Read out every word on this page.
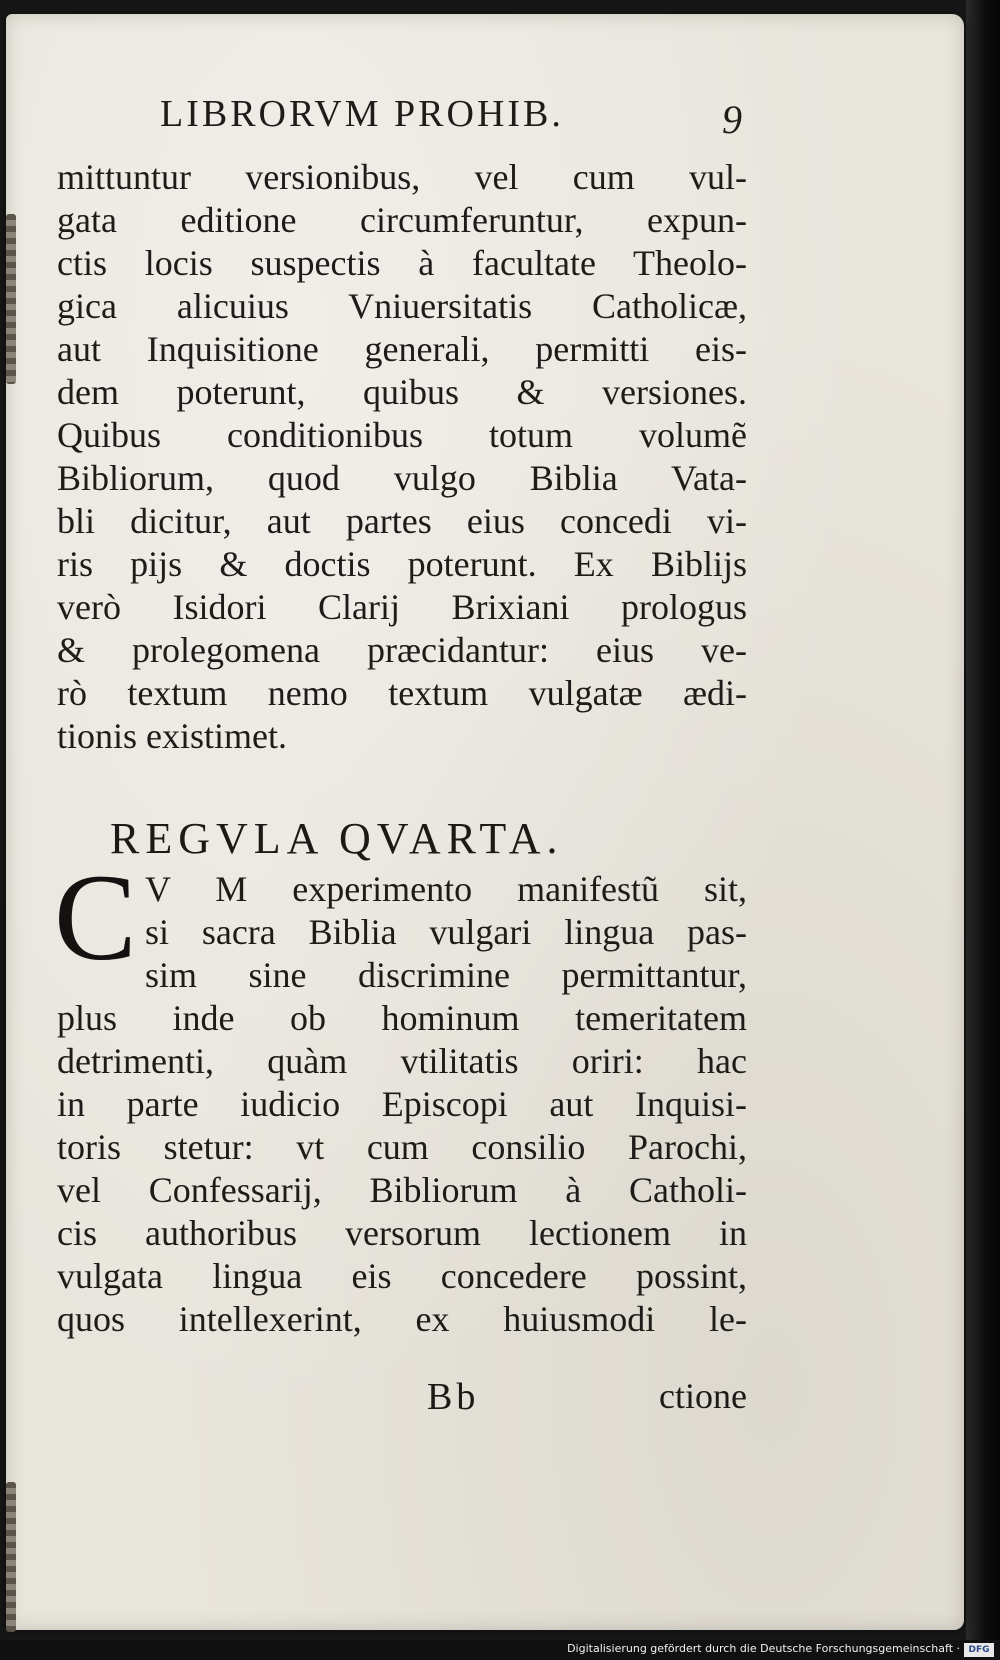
LIBRORVM PROHIB.	9
mittuntur versionibus, vel cum vul-
gata editione circumferuntur, expun-
ctis locis suspectis à facultate Theolo-
gica alicuius Vniuersitatis Catholicæ,
aut Inquisitione generali, permitti eis-
dem poterunt, quibus & versiones.
Quibus conditionibus totum volumẽ
Bibliorum, quod vulgo Biblia Vata-
bli dicitur, aut partes eius concedi vi-
ris pijs & doctis poterunt. Ex Biblijs
verò Isidori Clarij Brixiani prologus
& prolegomena præcidantur: eius ve-
rò textum nemo textum vulgatæ ædi-
tionis existimet.
V M experimento manifestũ sit,
si sacra Biblia vulgari lingua pas-
sim sine discrimine permittantur,
plus inde ob hominum temeritatem
detrimenti, quàm vtilitatis oriri: hac
in parte iudicio Episcopi aut Inquisi-
toris stetur: vt cum consilio Parochi,
vel Confessarij, Bibliorum à Catholi-
cis authoribus versorum lectionem in
vulgata lingua eis concedere possint,
quos intellexerint, ex huiusmodi le-
Bb	ctione
REGVLA QVARTA.
C
Digitalisierung gefördert durch die Deutsche Forschungsgemeinschaft · DFG
